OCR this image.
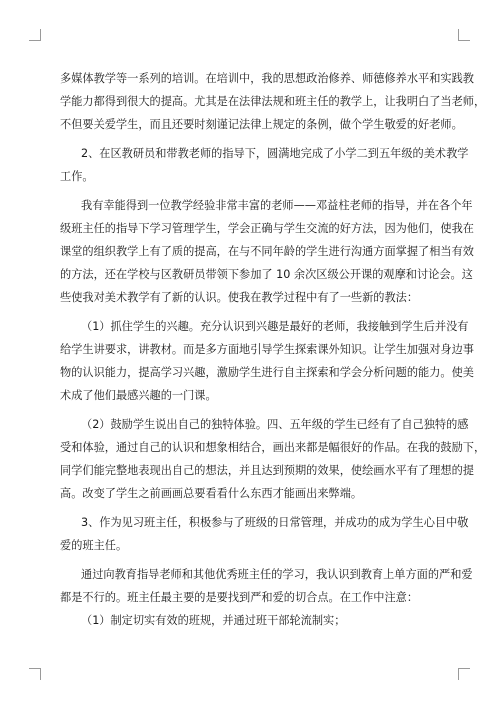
多媒体教学等一系列的培训。在培训中，我的思想政治修养、师德修养水平和实践教
学能力都得到很大的提高。尤其是在法律法规和班主任的教学上，让我明白了当老师，
不但要关爱学生，而且还要时刻谨记法律上规定的条例，做个学生敬爱的好老师。
2、在区教研员和带教老师的指导下，圆满地完成了小学二到五年级的美术教学
工作。
我有幸能得到一位教学经验非常丰富的老师——邓益柱老师的指导，并在各个年
级班主任的指导下学习管理学生，学会正确与学生交流的好方法，因为他们，使我在
课堂的组织教学上有了质的提高，在与不同年龄的学生进行沟通方面掌握了相当有效
的方法，还在学校与区教研员带领下参加了 10 余次区级公开课的观摩和讨论会。这
些使我对美术教学有了新的认识。使我在教学过程中有了一些新的教法：
（1）抓住学生的兴趣。充分认识到兴趣是最好的老师，我接触到学生后并没有
给学生讲要求，讲教材。而是多方面地引导学生探索课外知识。让学生加强对身边事
物的认识能力，提高学习兴趣，激励学生进行自主探索和学会分析问题的能力。使美
术成了他们最感兴趣的一门课。
（2）鼓励学生说出自己的独特体验。四、五年级的学生已经有了自己独特的感
受和体验，通过自己的认识和想象相结合，画出来都是幅很好的作品。在我的鼓励下，
同学们能完整地表现出自己的想法，并且达到预期的效果，使绘画水平有了理想的提
高。改变了学生之前画画总要看看什么东西才能画出来弊端。
3、作为见习班主任，积极参与了班级的日常管理，并成功的成为学生心目中敬
爱的班主任。
通过向教育指导老师和其他优秀班主任的学习，我认识到教育上单方面的严和爱
都是不行的。班主任最主要的是要找到严和爱的切合点。在工作中注意：
（1）制定切实有效的班规，并通过班干部轮流制实；
